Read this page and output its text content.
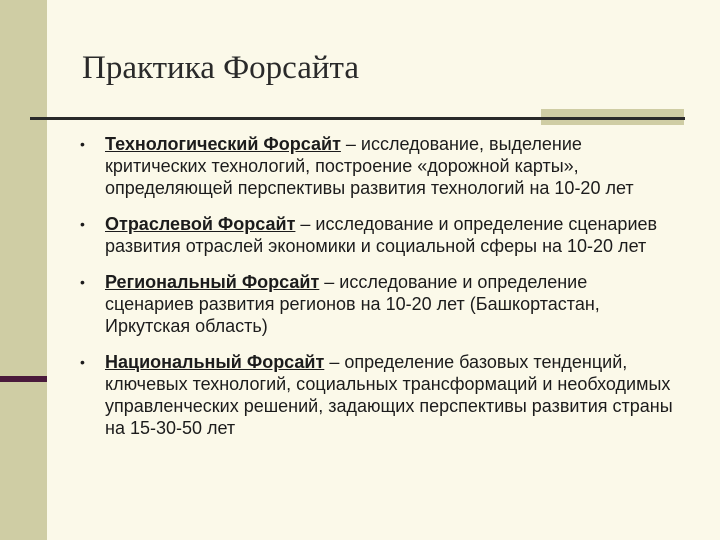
Практика Форсайта
• Технологический Форсайт – исследование, выделение критических технологий, построение «дорожной карты», определяющей перспективы развития технологий на 10-20 лет
• Отраслевой Форсайт – исследование и определение сценариев развития отраслей экономики и социальной сферы на 10-20 лет
• Региональный Форсайт – исследование и определение сценариев развития регионов на 10-20 лет (Башкортастан, Иркутская область)
• Национальный Форсайт – определение базовых тенденций, ключевых технологий, социальных трансформаций и необходимых управленческих решений, задающих перспективы развития страны на 15-30-50 лет
